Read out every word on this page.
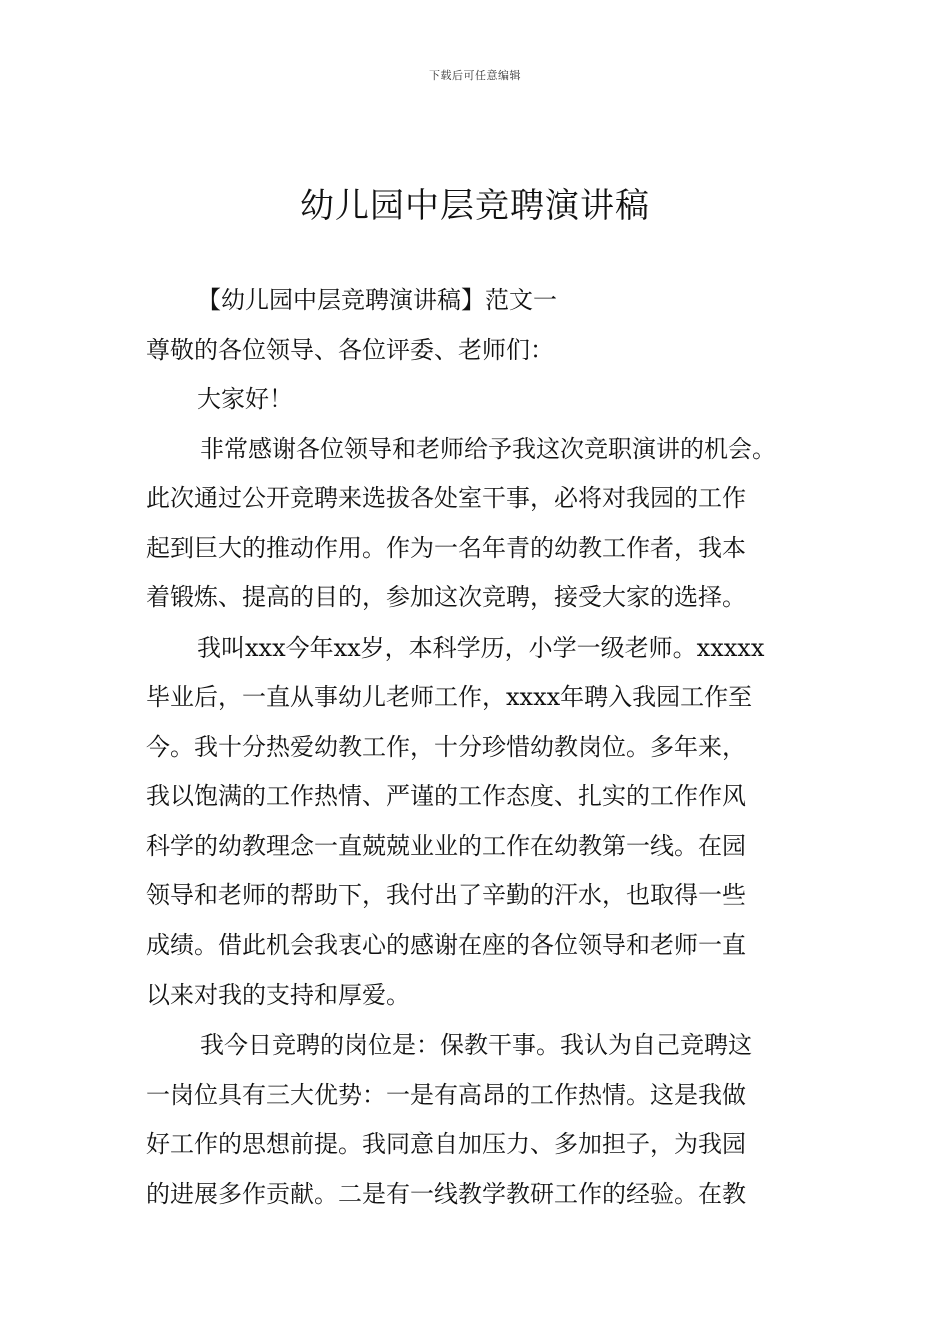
下载后可任意编辑
幼儿园中层竞聘演讲稿
【幼儿园中层竞聘演讲稿】范文一
尊敬的各位领导、各位评委、老师们：
大家好！
非常感谢各位领导和老师给予我这次竞职演讲的机会。
此次通过公开竞聘来选拔各处室干事，必将对我园的工作
起到巨大的推动作用。作为一名年青的幼教工作者，我本
着锻炼、提高的目的，参加这次竞聘，接受大家的选择。
我叫xxx今年xx岁，本科学历，小学一级老师。xxxxx
毕业后，一直从事幼儿老师工作，xxxx年聘入我园工作至
今。我十分热爱幼教工作，十分珍惜幼教岗位。多年来，
我以饱满的工作热情、严谨的工作态度、扎实的工作作风
科学的幼教理念一直兢兢业业的工作在幼教第一线。在园
领导和老师的帮助下，我付出了辛勤的汗水，也取得一些
成绩。借此机会我衷心的感谢在座的各位领导和老师一直
以来对我的支持和厚爱。
我今日竞聘的岗位是：保教干事。我认为自己竞聘这
一岗位具有三大优势：一是有高昂的工作热情。这是我做
好工作的思想前提。我同意自加压力、多加担子，为我园
的进展多作贡献。二是有一线教学教研工作的经验。在教
